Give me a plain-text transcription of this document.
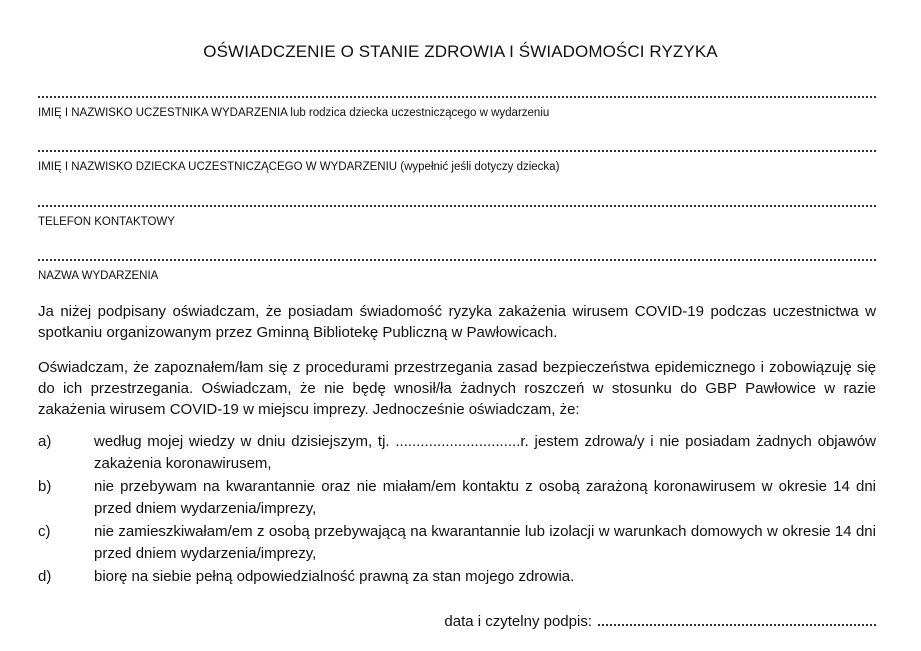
OŚWIADCZENIE O STANIE ZDROWIA I ŚWIADOMOŚCI RYZYKA
IMIĘ I NAZWISKO UCZESTNIKA WYDARZENIA lub rodzica dziecka uczestniczącego w wydarzeniu
IMIĘ I NAZWISKO DZIECKA UCZESTNICZĄCEGO W WYDARZENIU (wypełnić jeśli dotyczy dziecka)
TELEFON KONTAKTOWY
NAZWA WYDARZENIA
Ja niżej podpisany oświadczam, że posiadam świadomość ryzyka zakażenia wirusem COVID-19 podczas uczestnictwa w spotkaniu organizowanym przez Gminną Bibliotekę Publiczną w Pawłowicach.
Oświadczam, że zapoznałem/łam się z procedurami przestrzegania zasad bezpieczeństwa epidemicznego i zobowiązuję się do ich przestrzegania. Oświadczam, że nie będę wnosił/ła żadnych roszczeń w stosunku do GBP Pawłowice w razie zakażenia wirusem COVID-19 w miejscu imprezy. Jednocześnie oświadczam, że:
a)	według mojej wiedzy w dniu dzisiejszym, tj. ..............................r. jestem zdrowa/y i nie posiadam żadnych objawów zakażenia koronawirusem,
b)	nie przebywam na kwarantannie oraz nie miałam/em kontaktu z osobą zarażoną koronawirusem w okresie 14 dni przed dniem wydarzenia/imprezy,
c)	nie zamieszkiwałam/em z osobą przebywającą na kwarantannie lub izolacji w warunkach domowych w okresie 14 dni przed dniem wydarzenia/imprezy,
d)	biorę na siebie pełną odpowiedzialność prawną za stan mojego zdrowia.
data i czytelny podpis:
